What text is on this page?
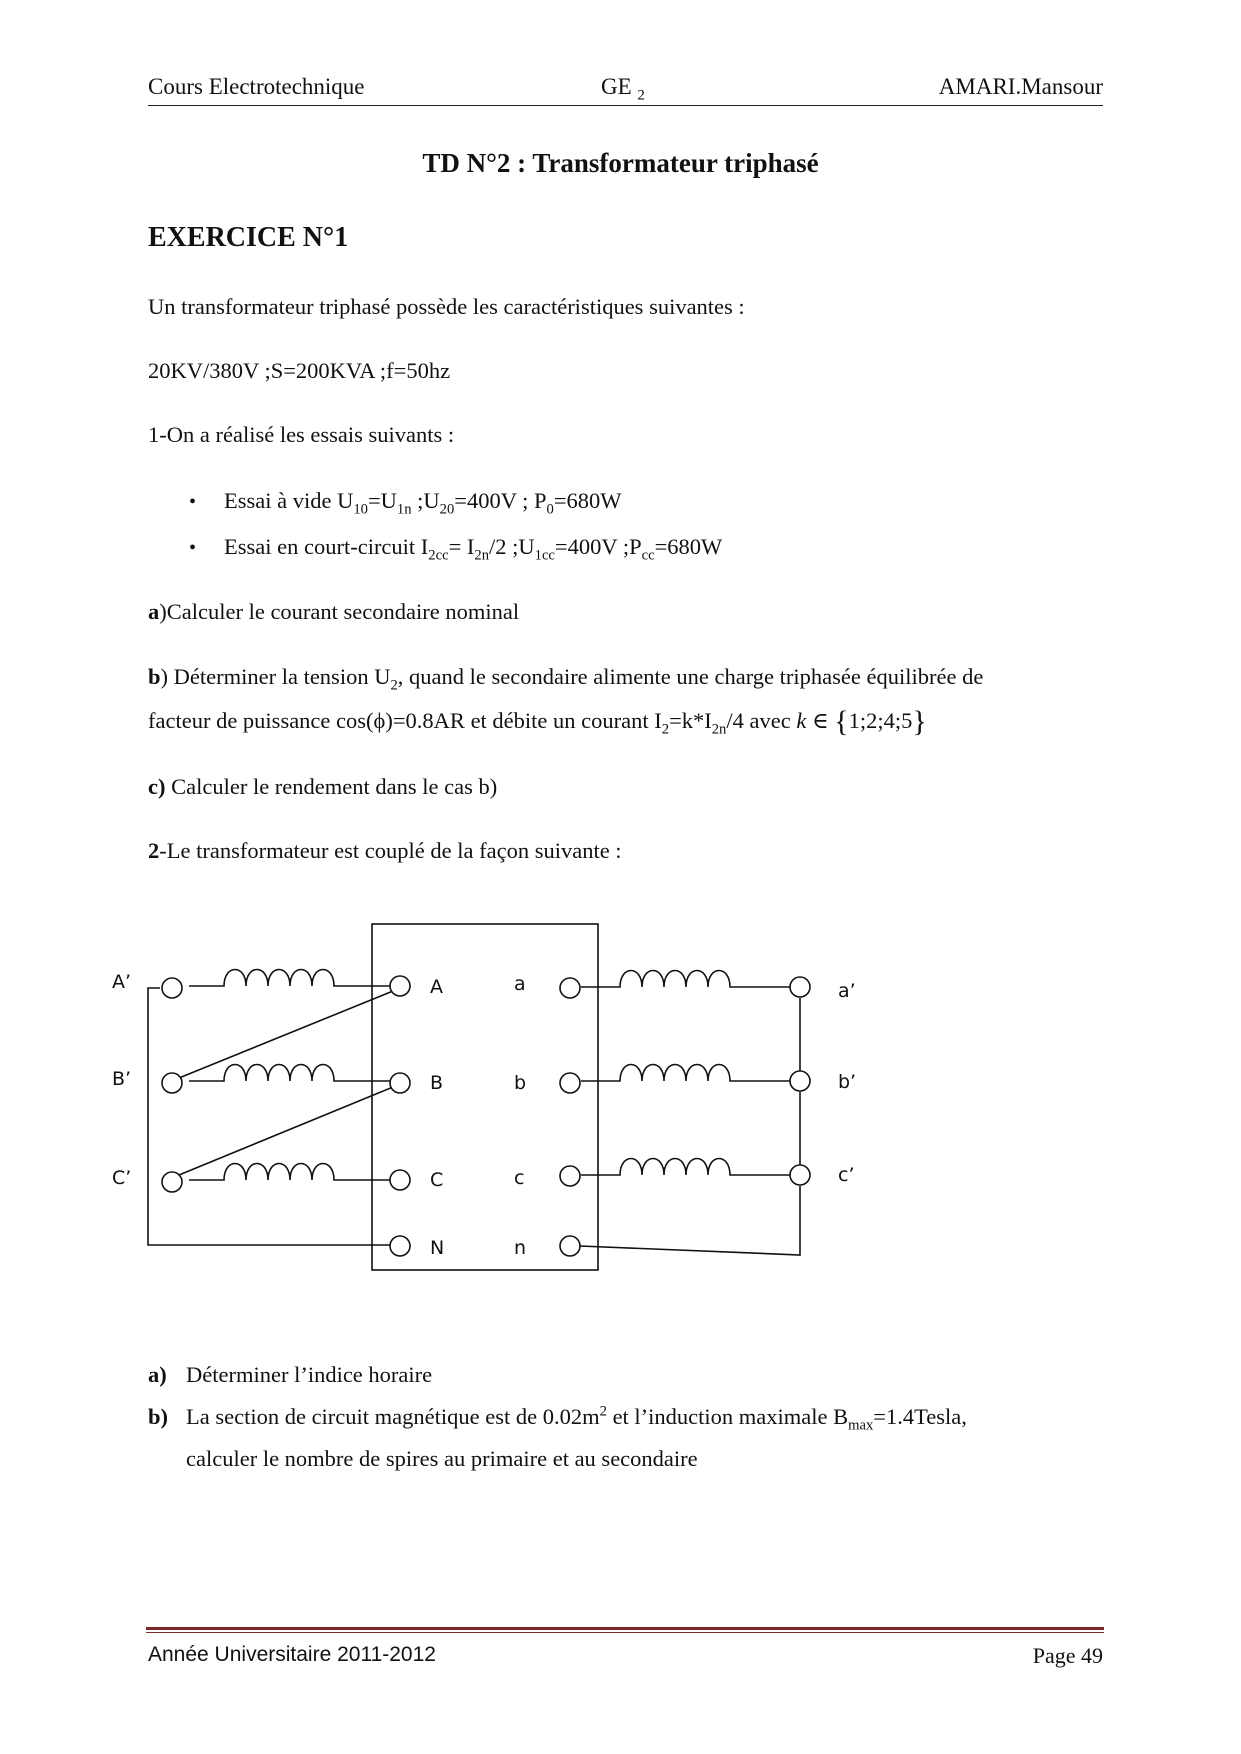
Cours Electrotechnique	GE $_2$	AMARI.Mansour
TD N°2 : Transformateur triphasé
EXERCICE N°1
Un transformateur triphasé possède les caractéristiques suivantes :
20KV/380V ;S=200KVA ;f=50hz
1-On a réalisé les essais suivants :
• Essai à vide $U_{10}=U_{1n}$ $;U_{20}=400V$ ; $P_0=680W$
• Essai en court-circuit $I_{2cc}= I_{2n}/2$ $;U_{1cc}=400V$ $;P_{cc}=680W$
a)Calculer le courant secondaire nominal
b) Déterminer la tension $U_2$, quand le secondaire alimente une charge triphasée équilibrée de
facteur de puissance cos(ϕ)=0.8AR et débite un courant $I_2=k*I_{2n}/4$ avec k ∈ {1;2;4;5}
c) Calculer le rendement dans le cas b)
2-Le transformateur est couplé de la façon suivante :
A’
B’
C’
A
B
C
N
a
b
c
n
a’
b’
c’
a) Déterminer l’indice horaire
b) La section de circuit magnétique est de $0.02m^2$ et l’induction maximale $B_{max}=1.4Tesla$,
calculer le nombre de spires au primaire et au secondaire
Année Universitaire 2011-2012	Page 49
